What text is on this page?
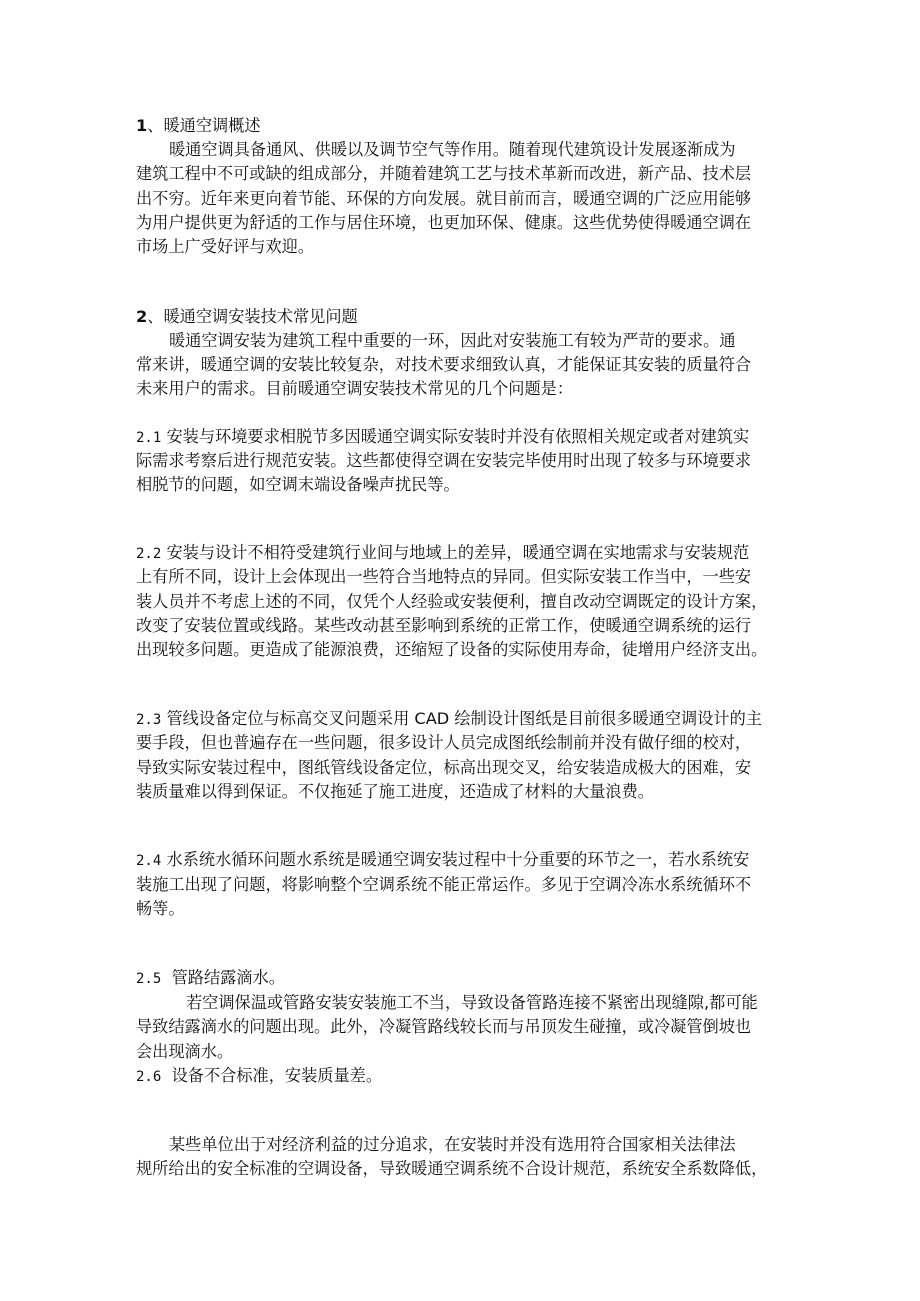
1、暖通空调概述
暖通空调具备通风、供暖以及调节空气等作用。随着现代建筑设计发展逐渐成为
建筑工程中不可或缺的组成部分，并随着建筑工艺与技术革新而改进，新产品、技术层
出不穷。近年来更向着节能、环保的方向发展。就目前而言，暖通空调的广泛应用能够
为用户提供更为舒适的工作与居住环境，也更加环保、健康。这些优势使得暖通空调在
市场上广受好评与欢迎。
2、暖通空调安装技术常见问题
暖通空调安装为建筑工程中重要的一环，因此对安装施工有较为严苛的要求。通
常来讲，暖通空调的安装比较复杂，对技术要求细致认真，才能保证其安装的质量符合
未来用户的需求。目前暖通空调安装技术常见的几个问题是：
2.1 安装与环境要求相脱节多因暖通空调实际安装时并没有依照相关规定或者对建筑实
际需求考察后进行规范安装。这些都使得空调在安装完毕使用时出现了较多与环境要求
相脱节的问题，如空调末端设备噪声扰民等。
2.2 安装与设计不相符受建筑行业间与地域上的差异，暖通空调在实地需求与安装规范
上有所不同，设计上会体现出一些符合当地特点的异同。但实际安装工作当中，一些安
装人员并不考虑上述的不同，仅凭个人经验或安装便利，擅自改动空调既定的设计方案，
改变了安装位置或线路。某些改动甚至影响到系统的正常工作，使暖通空调系统的运行
出现较多问题。更造成了能源浪费，还缩短了设备的实际使用寿命，徒增用户经济支出。
2.3 管线设备定位与标高交叉问题采用 CAD 绘制设计图纸是目前很多暖通空调设计的主
要手段，但也普遍存在一些问题，很多设计人员完成图纸绘制前并没有做仔细的校对，
导致实际安装过程中，图纸管线设备定位，标高出现交叉，给安装造成极大的困难，安
装质量难以得到保证。不仅拖延了施工进度，还造成了材料的大量浪费。
2.4 水系统水循环问题水系统是暖通空调安装过程中十分重要的环节之一，若水系统安
装施工出现了问题，将影响整个空调系统不能正常运作。多见于空调冷冻水系统循环不
畅等。
2.5 管路结露滴水。
若空调保温或管路安装安装施工不当，导致设备管路连接不紧密出现缝隙,都可能
导致结露滴水的问题出现。此外，冷凝管路线较长而与吊顶发生碰撞，或冷凝管倒坡也
会出现滴水。
2.6 设备不合标准，安装质量差。
某些单位出于对经济利益的过分追求，在安装时并没有选用符合国家相关法律法
规所给出的安全标准的空调设备，导致暖通空调系统不合设计规范，系统安全系数降低，
